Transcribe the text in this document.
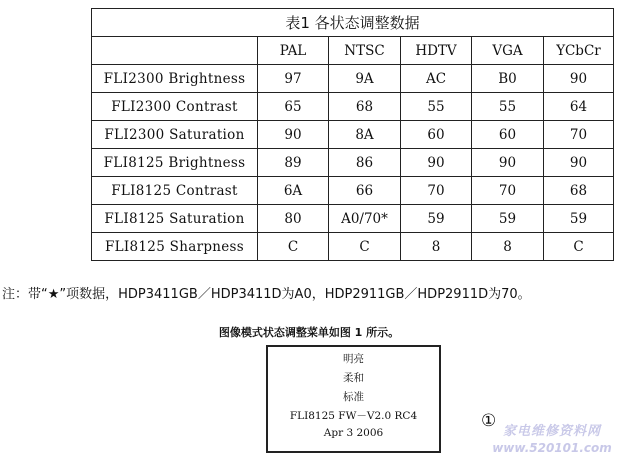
表1 各状态调整数据					
	PAL	NTSC	HDTV	VGA	YCbCr
FLI2300 Brightness	97	9A	AC	B0	90
FLI2300 Contrast	65	68	55	55	64
FLI2300 Saturation	90	8A	60	60	70
FLI8125 Brightness	89	86	90	90	90
FLI8125 Contrast	6A	66	70	70	68
FLI8125 Saturation	80	A0/70*	59	59	59
FLI8125 Sharpness	C	C	8	8	C
注：带“★”项数据，HDP3411GB／HDP3411D为A0，HDP2911GB／HDP2911D为70。
图像模式状态调整菜单如图 1 所示。
明亮
柔和
标准
FLI8125 FW－V2.0 RC4
Apr 3 2006
①
家电维修资料网
www.520101.com
